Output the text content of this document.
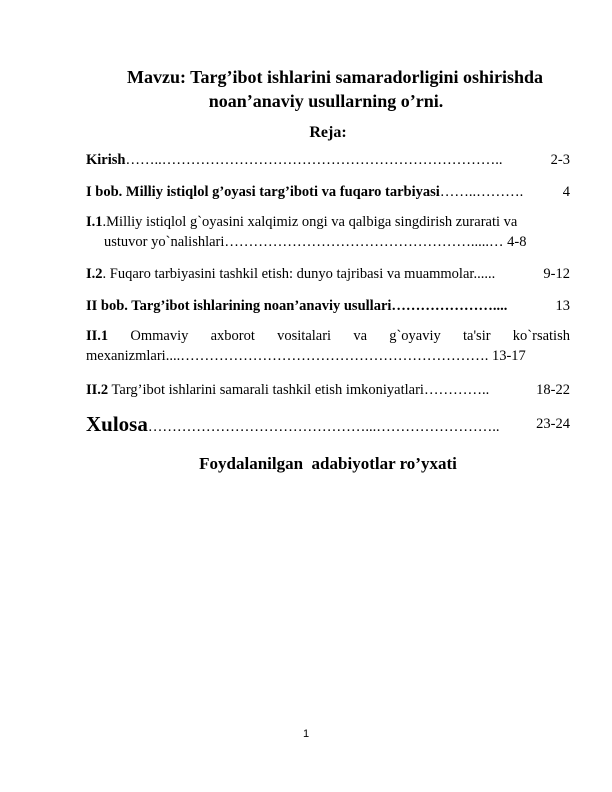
Mavzu: Targ’ibot ishlarini samaradorligini oshirishda
noan’anaviy usullarning o’rni.
Reja:
Kirish……..……………………………………………………………..	2-3
I bob. Milliy istiqlol g’oyasi targ’iboti va fuqaro tarbiyasi……..……….	4
I.1.Milliy istiqlol g`oyasini xalqimiz ongi va qalbiga singdirish zurarati va
ustuvor yo`nalishlari…………………………………………….....… 4-8
I.2. Fuqaro tarbiyasini tashkil etish: dunyo tajribasi va muammolar......	9-12
II bob. Targ’ibot ishlarining noan’anaviy usullari…………………....	13
II.1 Ommaviy axborot vositalari va g`oyaviy ta'sir ko`rsatish
mexanizmlari....………………………………………………………. 13-17
II.2 Targ’ibot ishlarini samarali tashkil etish imkoniyatlari…………..	18-22
Xulosa………………………………………...……………………..	23-24
Foydalanilgan  adabiyotlar ro’yxati
1
